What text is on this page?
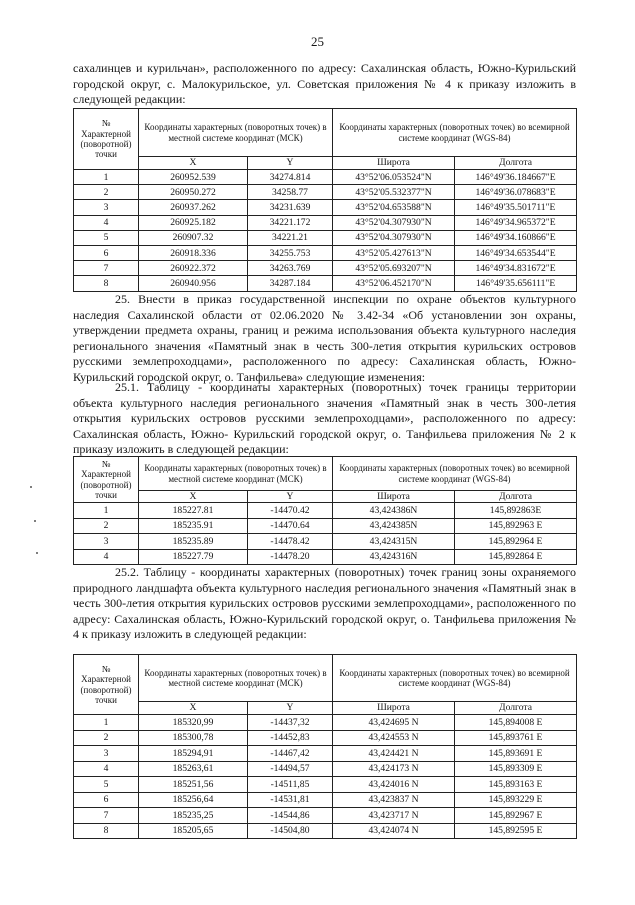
25

сахалинцев и курильчан», расположенного по адресу: Сахалинская область, Южно-Курильский городской округ, с. Малокурильское, ул. Советская приложения № 4 к приказу изложить в следующей редакции:

№ Характерной (поворотной) точки	Координаты характерных (поворотных точек) в местной системе координат (МСК)		Координаты характерных (поворотных точек) во всемирной системе координат (WGS-84)	
	X	Y	Широта	Долгота
1	260952.539	34274.814	43°52'06.053524"N	146°49'36.184667"E
2	260950.272	34258.77	43°52'05.532377"N	146°49'36.078683"E
3	260937.262	34231.639	43°52'04.653588"N	146°49'35.501711"E
4	260925.182	34221.172	43°52'04.307930"N	146°49'34.965372"E
5	260907.32	34221.21	43°52'04.307930"N	146°49'34.160866"E
6	260918.336	34255.753	43°52'05.427613"N	146°49'34.653544"E
7	260922.372	34263.769	43°52'05.693207"N	146°49'34.831672"E
8	260940.956	34287.184	43°52'06.452170"N	146°49'35.656111"E

25. Внести в приказ государственной инспекции по охране объектов культурного наследия Сахалинской области от 02.06.2020 № 3.42-34 «Об установлении зон охраны, утверждении предмета охраны, границ и режима использования объекта культурного наследия регионального значения «Памятный знак в честь 300-летия открытия курильских островов русскими землепроходцами», расположенного по адресу: Сахалинская область, Южно- Курильский городской округ, о. Танфильева» следующие изменения:

25.1. Таблицу - координаты характерных (поворотных) точек границы территории объекта культурного наследия регионального значения «Памятный знак в честь 300-летия открытия курильских островов русскими землепроходцами», расположенного по адресу: Сахалинская область, Южно- Курильский городской округ, о. Танфильева приложения № 2 к приказу изложить в следующей редакции:

№ Характерной (поворотной) точки	Координаты характерных (поворотных точек) в местной системе координат (МСК)		Координаты характерных (поворотных точек) во всемирной системе координат (WGS-84)	
	X	Y	Широта	Долгота
1	185227.81	-14470.42	43,424386N	145,892863E
2	185235.91	-14470.64	43,424385N	145,892963 E
3	185235.89	-14478.42	43,424315N	145,892964 E
4	185227.79	-14478.20	43,424316N	145,892864 E

25.2. Таблицу - координаты характерных (поворотных) точек границ зоны охраняемого природного ландшафта объекта культурного наследия регионального значения «Памятный знак в честь 300-летия открытия курильских островов русскими землепроходцами», расположенного по адресу: Сахалинская область, Южно-Курильский городской округ, о. Танфильева приложения № 4 к приказу изложить в следующей редакции:

№ Характерной (поворотной) точки	Координаты характерных (поворотных точек) в местной системе координат (МСК)		Координаты характерных (поворотных точек) во всемирной системе координат (WGS-84)	
	X	Y	Широта	Долгота
1	185320,99	-14437,32	43,424695 N	145,894008 E
2	185300,78	-14452,83	43,424553 N	145,893761 E
3	185294,91	-14467,42	43,424421 N	145,893691 E
4	185263,61	-14494,57	43,424173 N	145,893309 E
5	185251,56	-14511,85	43,424016 N	145,893163 E
6	185256,64	-14531,81	43,423837 N	145,893229 E
7	185235,25	-14544,86	43,423717 N	145,892967 E
8	185205,65	-14504,80	43,424074 N	145,892595 E
